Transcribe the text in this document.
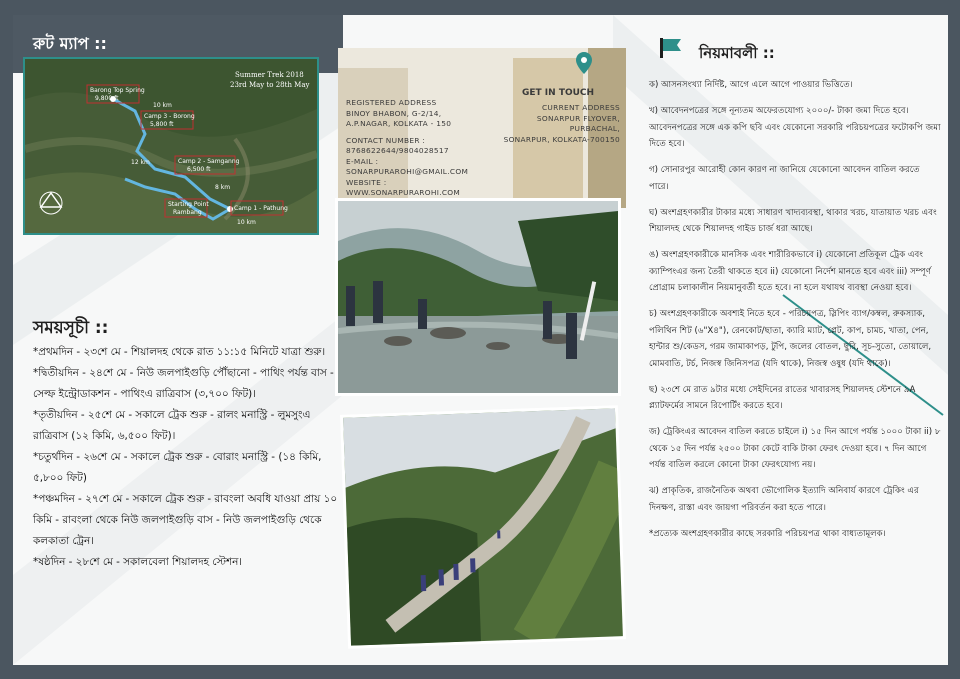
রুট ম্যাপ ::
Barong Top Spring
9,800 ft
Camp 3 - Borong
5,800 ft
Camp 2 - Samganng
6,500 ft
Starting Point
Rambang
Camp 1 - Pathung
10 km
12 km
8 km
10 km
Summer Trek 2018
23rd May to 28th May
সময়সূচী ::

*প্রথমদিন - ২৩শে মে - শিয়ালদহ থেকে রাত ১১:১৫ মিনিটে যাত্রা শুরু।

*দ্বিতীয়দিন - ২৪শে মে - নিউ জলপাইগুড়ি পৌঁছানো - পাথিং পর্যন্ত বাস - সেল্ফ ইন্ট্রোডাকশন - পাথিংএ রাত্রিবাস (৩,৭০০ ফিট)।

*তৃতীয়দিন - ২৫শে মে - সকালে ট্রেক শুরু - রালং মনাস্ট্রি - লুমসুংএ রাত্রিবাস (১২ কিমি, ৬,৫০০ ফিট)।

*চতুর্থদিন - ২৬শে মে - সকালে ট্রেক শুরু - বোরাং মনাস্ট্রি - (১৪ কিমি, ৫,৮০০ ফিট)

*পঞ্চমদিন - ২৭শে মে - সকালে ট্রেক শুরু - রাবংলা অবধি যাওয়া প্রায় ১০ কিমি - রাবংলা থেকে নিউ জলপাইগুড়ি বাস - নিউ জলপাইগুড়ি থেকে কলকাতা ট্রেন।

*ষষ্ঠদিন - ২৮শে মে - সকালবেলা শিয়ালদহ স্টেশন।

GET IN TOUCH
REGISTERED ADDRESS
BINOY BHABON, G-2/14,
A.P.NAGAR, KOLKATA - 150
CONTACT NUMBER :
8768622644/9804028517
E-MAIL :
SONARPURAROHI@GMAIL.COM
WEBSITE :
WWW.SONARPURAROHI.COM
CURRENT ADDRESS
SONARPUR FLYOVER, PURBACHAL,
SONARPUR, KOLKATA-700150
নিয়মাবলী ::

ক) আসনসংখ্যা নির্দিষ্ট, আগে এলে আগে পাওয়ার ভিত্তিতে।

খ) আবেদনপত্রের সঙ্গে নূন্যতম অফেরতযোগ্য ২০০০/- টাকা জমা দিতে হবে। আবেদনপত্রের সঙ্গে এক কপি ছবি এবং যেকোনো সরকারি পরিচয়পত্রের ফটোকপি জমা দিতে হবে।

গ) সোনারপুর আরোহী কোন কারণ না জানিয়ে যেকোনো আবেদন বাতিল করতে পারে।

ঘ) অংশগ্রহণকারীর টাকার মধ্যে সাধারণ খাদ্যব্যবস্থা, থাকার খরচ, যাতায়াত খরচ এবং শিয়ালদহ থেকে শিয়ালদহ গাইড চার্জ ধরা আছে।

ঙ) অংশগ্রহণকারীকে মানসিক এবং শারীরিকভাবে i) যেকোনো প্রতিকূল ট্রেক এবং ক্যাম্পিংএর জন্য তৈরী থাকতে হবে ii) যেকোনো নির্দেশ মানতে হবে এবং iii) সম্পূর্ণ প্রোগ্রাম চলাকালীন নিয়মানুবর্তী হতে হবে। না হলে যথাযথ ব্যবস্থা নেওয়া হবে।

চ) অংশগ্রহণকারীকে অবশ্যই নিতে হবে - পরিচয়পত্র, স্লিপিং ব্যাগ/কম্বল, রুকস্যাক, পলিথিন শিট (৬"X৪"), রেনকোট/ছাতা, ক্যারি ম্যাট, প্লেট, কাপ, চামচ, খাতা, পেন, হান্টার শু/কেডস, গরম জামাকাপড়, টুপি, জলের বোতল, ছুরি, সূচ-সুতো, তোয়ালে, মোমবাতি, টর্চ, নিজস্ব জিনিসপত্র (যদি থাকে), নিজস্ব ওষুধ (যদি থাকে)।

ছ) ২৩শে মে রাত ৯টার মধ্যে সেইদিনের রাতের খাবারসহ শিয়ালদহ স্টেশনে ৯A প্ল্যাটফর্মের সামনে রিপোর্টিং করতে হবে।

জ) ট্রেকিংএর আবেদন বাতিল করতে চাইলে i) ১৫ দিন আগে পর্যন্ত ১০০০ টাকা ii) ৮ থেকে ১৫ দিন পর্যন্ত ২৫০০ টাকা কেটে বাকি টাকা ফেরৎ দেওয়া হবে। ৭ দিন আগে পর্যন্ত বাতিল করলে কোনো টাকা ফেরৎযোগ্য নয়।

ঝ) প্রাকৃতিক, রাজনৈতিক অথবা ভৌগোলিক ইত্যাদি অনিবার্য কারণে ট্রেকিং এর দিনক্ষণ, রাস্তা এবং জায়গা পরিবর্তন করা হতে পারে।

*প্রত্যেক অংশগ্রহণকারীর কাছে সরকারি পরিচয়পত্র থাকা বাধ্যতামূলক।
